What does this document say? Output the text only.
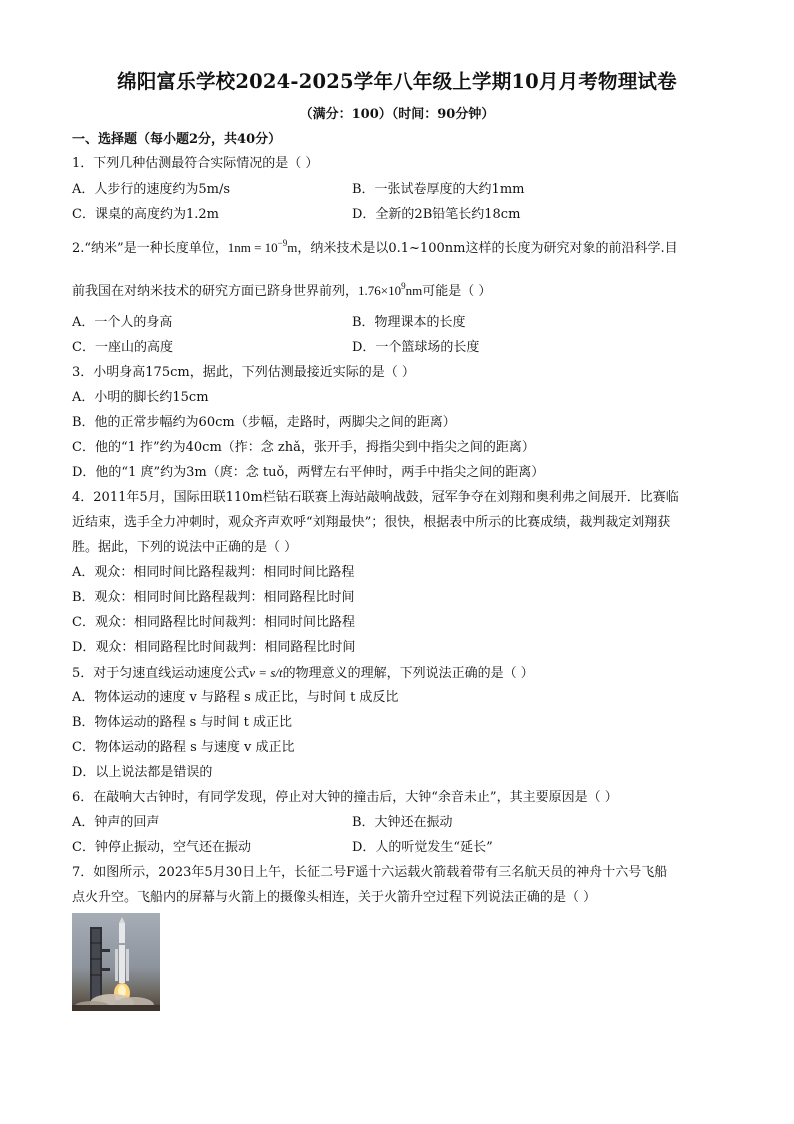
绵阳富乐学校2024-2025学年八年级上学期10月月考物理试卷
（满分：100）（时间：90分钟）
一、选择题（每小题2分，共40分）
1．下列几种估测最符合实际情况的是（ ）
A．人步行的速度约为5m/s	B．一张试卷厚度的大约1mm
C．课桌的高度约为1.2m	D．全新的2B铅笔长约18cm
2.“纳米”是一种长度单位，$1nm = 10^{-9}m$，纳米技术是以0.1~100nm这样的长度为研究对象的前沿科学.目
前我国在对纳米技术的研究方面已跻身世界前列，$1.76\times 10^9nm$可能是（ ）
A．一个人的身高	B．物理课本的长度
C．一座山的高度	D．一个篮球场的长度
3．小明身高175cm，据此，下列估测最接近实际的是（ ）
A．小明的脚长约15cm
B．他的正常步幅约为60cm（步幅，走路时，两脚尖之间的距离）
C．他的“1 拃”约为40cm（拃：念 zhǎ，张开手，拇指尖到中指尖之间的距离）
D．他的“1 庹”约为3m（庹：念 tuǒ，两臂左右平伸时，两手中指尖之间的距离）
4．2011年5月，国际田联110m栏钻石联赛上海站敲响战鼓，冠军争夺在刘翔和奥利弗之间展开．比赛临
近结束，选手全力冲刺时，观众齐声欢呼“刘翔最快”；很快，根据表中所示的比赛成绩，裁判裁定刘翔获
胜。据此，下列的说法中正确的是（ ）
A．观众：相同时间比路程裁判：相同时间比路程
B．观众：相同时间比路程裁判：相同路程比时间
C．观众：相同路程比时间裁判：相同时间比路程
D．观众：相同路程比时间裁判：相同路程比时间
5．对于匀速直线运动速度公式v = s/t的物理意义的理解，下列说法正确的是（ ）
A．物体运动的速度 v 与路程 s 成正比，与时间 t 成反比
B．物体运动的路程 s 与时间 t 成正比
C．物体运动的路程 s 与速度 v 成正比
D．以上说法都是错误的
6．在敲响大古钟时，有同学发现，停止对大钟的撞击后，大钟“余音未止”，其主要原因是（ ）
A．钟声的回声	B．大钟还在振动
C．钟停止振动，空气还在振动	D．人的听觉发生“延长”
7．如图所示，2023年5月30日上午，长征二号F遥十六运载火箭载着带有三名航天员的神舟十六号飞船
点火升空。飞船内的屏幕与火箭上的摄像头相连，关于火箭升空过程下列说法正确的是（ ）
